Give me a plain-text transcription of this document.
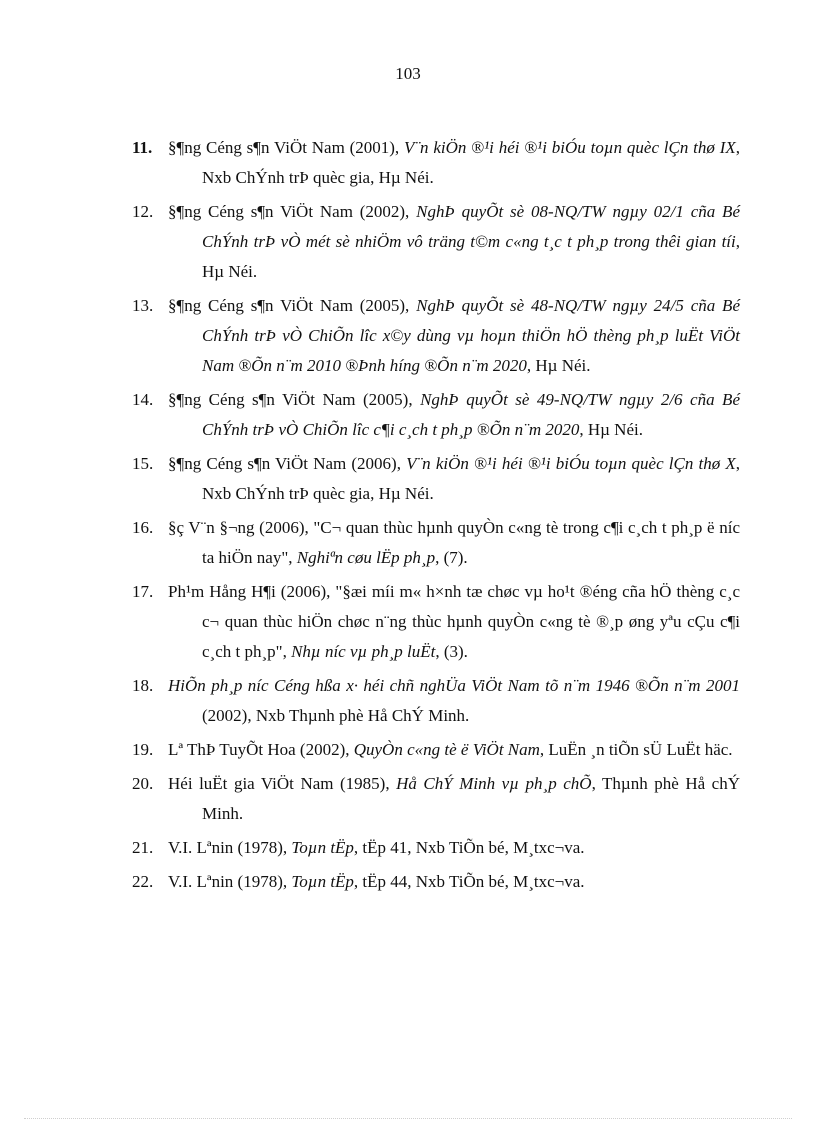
103
11. §¶ng Céng s¶n ViÖt Nam (2001), V¨n kiÖn ®¹i héi ®¹i biÓu toµn quèc lÇn thø IX, Nxb ChÝnh trÞ quèc gia, Hµ Néi.
12. §¶ng Céng s¶n ViÖt Nam (2002), NghÞ quyÕt sè 08-NQ/TW ngµy 02/1 cña Bé ChÝnh trÞ vÒ mét sè nhiÖm vô träng t©m c«ng t¸c t ph¸p trong thêi gian tíi, Hµ Néi.
13. §¶ng Céng s¶n ViÖt Nam (2005), NghÞ quyÕt sè 48-NQ/TW ngµy 24/5 cña Bé ChÝnh trÞ vÒ ChiÕn lîc x©y dùng vµ hoµn thiÖn hÖ thèng ph¸p luËt ViÖt Nam ®Õn n¨m 2010 ®Þnh híng ®Õn n¨m 2020, Hµ Néi.
14. §¶ng Céng s¶n ViÖt Nam (2005), NghÞ quyÕt sè 49-NQ/TW ngµy 2/6 cña Bé ChÝnh trÞ vÒ ChiÕn lîc c¶i c¸ch t ph¸p ®Õn n¨m 2020, Hµ Néi.
15. §¶ng Céng s¶n ViÖt Nam (2006), V¨n kiÖn ®¹i héi ®¹i biÓu toµn quèc lÇn thø X, Nxb ChÝnh trÞ quèc gia, Hµ Néi.
16. §ç V¨n §¬ng (2006), "C¬ quan thùc hµnh quyÒn c«ng tè trong c¶i c¸ch t ph¸p ë níc ta hiÖn nay", Nghiªn cøu lËp ph¸p, (7).
17. Ph¹m Hång H¶i (2006), "§æi míi m« h×nh tæ chøc vµ ho¹t ®éng cña hÖ thèng c¸c c¬ quan thùc hiÖn chøc n¨ng thùc hµnh quyÒn c«ng tè ®¸p øng yªu cÇu c¶i c¸ch t ph¸p", Nhµ níc vµ ph¸p luËt, (3).
18. HiÕn ph¸p níc Céng hßa x· héi chñ nghÜa ViÖt Nam tõ n¨m 1946 ®Õn n¨m 2001 (2002), Nxb Thµnh phè Hå ChÝ Minh.
19. Lª ThÞ TuyÕt Hoa (2002), QuyÒn c«ng tè ë ViÖt Nam, LuËn ¸n tiÕn sÜ LuËt häc.
20. Héi luËt gia ViÖt Nam (1985), Hå ChÝ Minh vµ ph¸p chÕ, Thµnh phè Hå chÝ Minh.
21. V.I. Lªnin (1978), Toµn tËp, tËp 41, Nxb TiÕn bé, M¸txc¬va.
22. V.I. Lªnin (1978), Toµn tËp, tËp 44, Nxb TiÕn bé, M¸txc¬va.
